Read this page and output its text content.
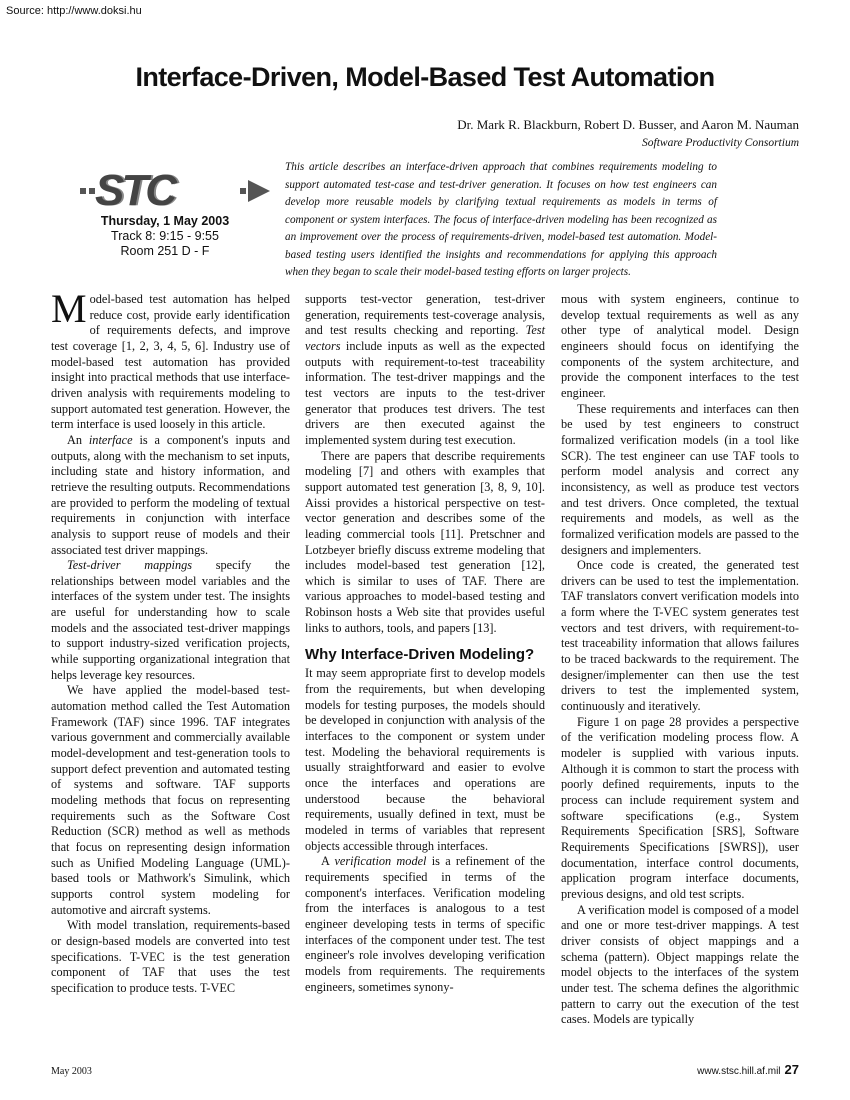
Source: http://www.doksi.hu
Interface-Driven, Model-Based Test Automation

Dr. Mark R. Blackburn, Robert D. Busser, and Aaron M. Nauman

Software Productivity Consortium

STC
Thursday, 1 May 2003
Track 8: 9:15 - 9:55
Room 251 D - F

This article describes an interface-driven approach that combines requirements modeling to support automated test-case and test-driver generation. It focuses on how test engineers can develop more reusable models by clarifying textual requirements as models in terms of component or system interfaces. The focus of interface-driven modeling has been recognized as an improvement over the process of requirements-driven, model-based test automation. Model-based testing users identified the insights and recommendations for applying this approach when they began to scale their model-based testing efforts on larger projects.

Model-based test automation has helped reduce cost, provide early identification of requirements defects, and improve test coverage [1, 2, 3, 4, 5, 6]. Industry use of model-based test automation has provided insight into practical methods that use interface-driven analysis with requirements modeling to support automated test generation. However, the term interface is used loosely in this article.

An interface is a component's inputs and outputs, along with the mechanism to set inputs, including state and history information, and retrieve the resulting outputs. Recommendations are provided to perform the modeling of textual requirements in conjunction with interface analysis to support reuse of models and their associated test driver mappings.

Test-driver mappings specify the relationships between model variables and the interfaces of the system under test. The insights are useful for understanding how to scale models and the associated test-driver mappings to support industry-sized verification projects, while supporting organizational integration that helps leverage key resources.

We have applied the model-based test-automation method called the Test Automation Framework (TAF) since 1996. TAF integrates various government and commercially available model-development and test-generation tools to support defect prevention and automated testing of systems and software. TAF supports modeling methods that focus on representing requirements such as the Software Cost Reduction (SCR) method as well as methods that focus on representing design information such as Unified Modeling Language (UML)-based tools or Mathwork's Simulink, which supports control system modeling for automotive and aircraft systems.

With model translation, requirements-based or design-based models are converted into test specifications. T-VEC is the test generation component of TAF that uses the test specification to produce tests. T-VEC

supports test-vector generation, test-driver generation, requirements test-coverage analysis, and test results checking and reporting. Test vectors include inputs as well as the expected outputs with requirement-to-test traceability information. The test-driver mappings and the test vectors are inputs to the test-driver generator that produces test drivers. The test drivers are then executed against the implemented system during test execution.

There are papers that describe requirements modeling [7] and others with examples that support automated test generation [3, 8, 9, 10]. Aissi provides a historical perspective on test-vector generation and describes some of the leading commercial tools [11]. Pretschner and Lotzbeyer briefly discuss extreme modeling that includes model-based test generation [12], which is similar to uses of TAF. There are various approaches to model-based testing and Robinson hosts a Web site that provides useful links to authors, tools, and papers [13].

Why Interface-Driven Modeling?

It may seem appropriate first to develop models from the requirements, but when developing models for testing purposes, the models should be developed in conjunction with analysis of the interfaces to the component or system under test. Modeling the behavioral requirements is usually straightforward and easier to evolve once the interfaces and operations are understood because the behavioral requirements, usually defined in text, must be modeled in terms of variables that represent objects accessible through interfaces.

A verification model is a refinement of the requirements specified in terms of the component's interfaces. Verification modeling from the interfaces is analogous to a test engineer developing tests in terms of specific interfaces of the component under test. The test engineer's role involves developing verification models from requirements. The requirements engineers, sometimes synony-

mous with system engineers, continue to develop textual requirements as well as any other type of analytical model. Design engineers should focus on identifying the components of the system architecture, and provide the component interfaces to the test engineer.

These requirements and interfaces can then be used by test engineers to construct formalized verification models (in a tool like SCR). The test engineer can use TAF tools to perform model analysis and correct any inconsistency, as well as produce test vectors and test drivers. Once completed, the textual requirements and models, as well as the formalized verification models are passed to the designers and implementers.

Once code is created, the generated test drivers can be used to test the implementation. TAF translators convert verification models into a form where the T-VEC system generates test vectors and test drivers, with requirement-to-test traceability information that allows failures to be traced backwards to the requirement. The designer/implementer can then use the test drivers to test the implemented system, continuously and iteratively.

Figure 1 on page 28 provides a perspective of the verification modeling process flow. A modeler is supplied with various inputs. Although it is common to start the process with poorly defined requirements, inputs to the process can include requirement system and software specifications (e.g., System Requirements Specification [SRS], Software Requirements Specifications [SWRS]), user documentation, interface control documents, application program interface documents, previous designs, and old test scripts.

A verification model is composed of a model and one or more test-driver mappings. A test driver consists of object mappings and a schema (pattern). Object mappings relate the model objects to the interfaces of the system under test. The schema defines the algorithmic pattern to carry out the execution of the test cases. Models are typically

May 2003	www.stsc.hill.af.mil 27
